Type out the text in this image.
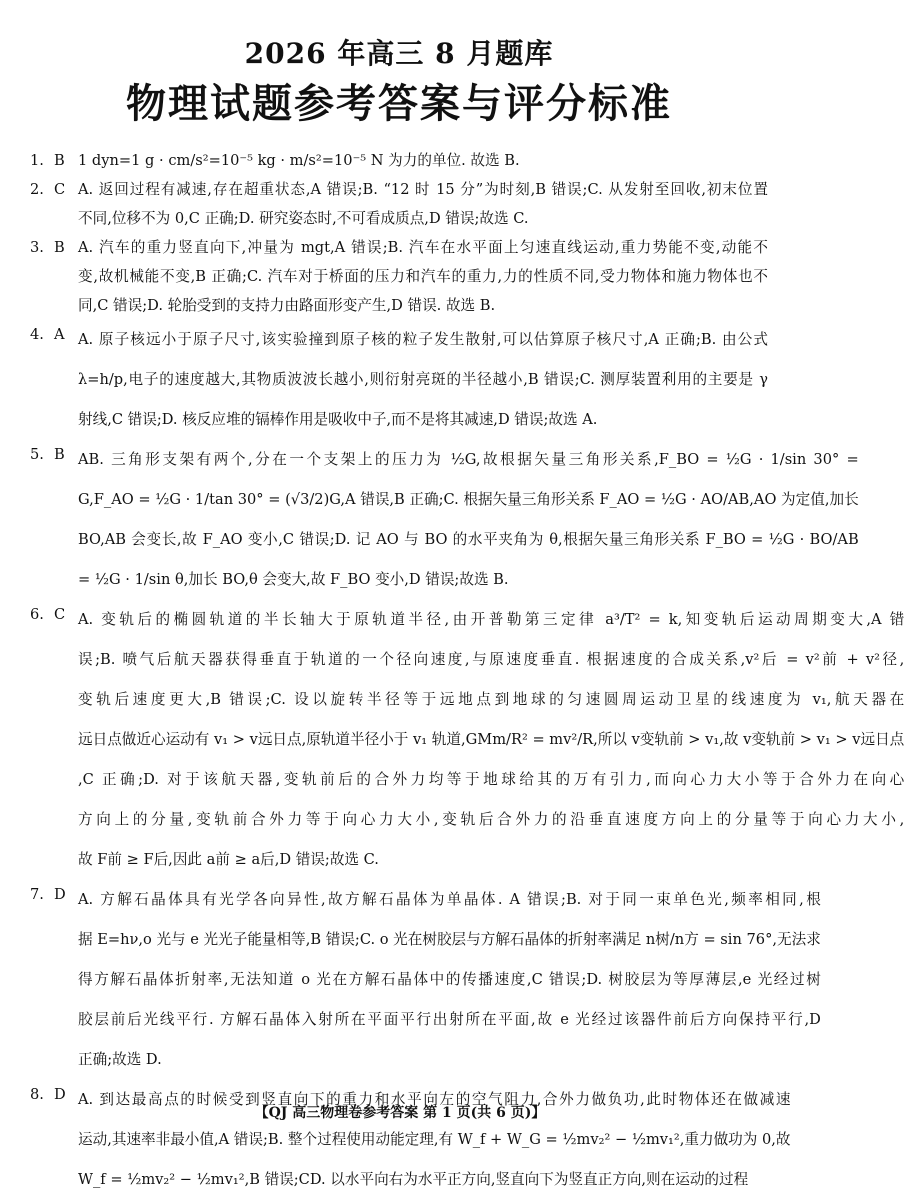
2026 年高三 8 月题库
物理试题参考答案与评分标准
1. B 1 dyn=1 g · cm/s²=10⁻⁵ kg · m/s²=10⁻⁵ N 为力的单位. 故选 B.
2. C A. 返回过程有减速,存在超重状态,A 错误;B. “12 时 15 分”为时刻,B 错误;C. 从发射至回收,初末位置
不同,位移不为 0,C 正确;D. 研究姿态时,不可看成质点,D 错误;故选 C.
3. B A. 汽车的重力竖直向下,冲量为 mgt,A 错误;B. 汽车在水平面上匀速直线运动,重力势能不变,动能不
变,故机械能不变,B 正确;C. 汽车对于桥面的压力和汽车的重力,力的性质不同,受力物体和施力物体也不
同,C 错误;D. 轮胎受到的支持力由路面形变产生,D 错误. 故选 B.
4. A A. 原子核远小于原子尺寸,该实验撞到原子核的粒子发生散射,可以估算原子核尺寸,A 正确;B. 由公式
λ=h/p,电子的速度越大,其物质波波长越小,则衍射亮斑的半径越小,B 错误;C. 测厚装置利用的主要是 γ
射线,C 错误;D. 核反应堆的镉棒作用是吸收中子,而不是将其减速,D 错误;故选 A.
5. B AB. 三角形支架有两个,分在一个支架上的压力为 ½G,故根据矢量三角形关系,F_BO = ½G · 1/sin 30° =
G,F_AO = ½G · 1/tan 30° = (√3/2)G,A 错误,B 正确;C. 根据矢量三角形关系 F_AO = ½G · AO/AB,AO 为定值,加长
BO,AB 会变长,故 F_AO 变小,C 错误;D. 记 AO 与 BO 的水平夹角为 θ,根据矢量三角形关系 F_BO = ½G · BO/AB
= ½G · 1/sin θ,加长 BO,θ 会变大,故 F_BO 变小,D 错误;故选 B.
6. C A. 变轨后的椭圆轨道的半长轴大于原轨道半径,由开普勒第三定律 a³/T² = k,知变轨后运动周期变大,A 错
误;B. 喷气后航天器获得垂直于轨道的一个径向速度,与原速度垂直. 根据速度的合成关系,v²后 = v²前 + v²径,
变轨后速度更大,B 错误;C. 设以旋转半径等于远地点到地球的匀速圆周运动卫星的线速度为 v₁,航天器在
远日点做近心运动有 v₁ > v远日点,原轨道半径小于 v₁ 轨道,GMm/R² = mv²/R,所以 v变轨前 > v₁,故 v变轨前 > v₁ > v远日点
,C 正确;D. 对于该航天器,变轨前后的合外力均等于地球给其的万有引力,而向心力大小等于合外力在向心
方向上的分量,变轨前合外力等于向心力大小,变轨后合外力的沿垂直速度方向上的分量等于向心力大小,
故 F前 ≥ F后,因此 a前 ≥ a后,D 错误;故选 C.
7. D A. 方解石晶体具有光学各向异性,故方解石晶体为单晶体. A 错误;B. 对于同一束单色光,频率相同,根
据 E=hν,o 光与 e 光光子能量相等,B 错误;C. o 光在树胶层与方解石晶体的折射率满足 n树/n方 = sin 76°,无法求
得方解石晶体折射率,无法知道 o 光在方解石晶体中的传播速度,C 错误;D. 树胶层为等厚薄层,e 光经过树
胶层前后光线平行. 方解石晶体入射所在平面平行出射所在平面,故 e 光经过该器件前后方向保持平行,D
正确;故选 D.
8. D A. 到达最高点的时候受到竖直向下的重力和水平向左的空气阻力,合外力做负功,此时物体还在做减速
运动,其速率非最小值,A 错误;B. 整个过程使用动能定理,有 W_f + W_G = ½mv₂² − ½mv₁²,重力做功为 0,故
W_f = ½mv₂² − ½mv₁²,B 错误;CD. 以水平向右为水平正方向,竖直向下为竖直正方向,则在运动的过程
【QJ 高三物理卷参考答案 第 1 页(共 6 页)】
